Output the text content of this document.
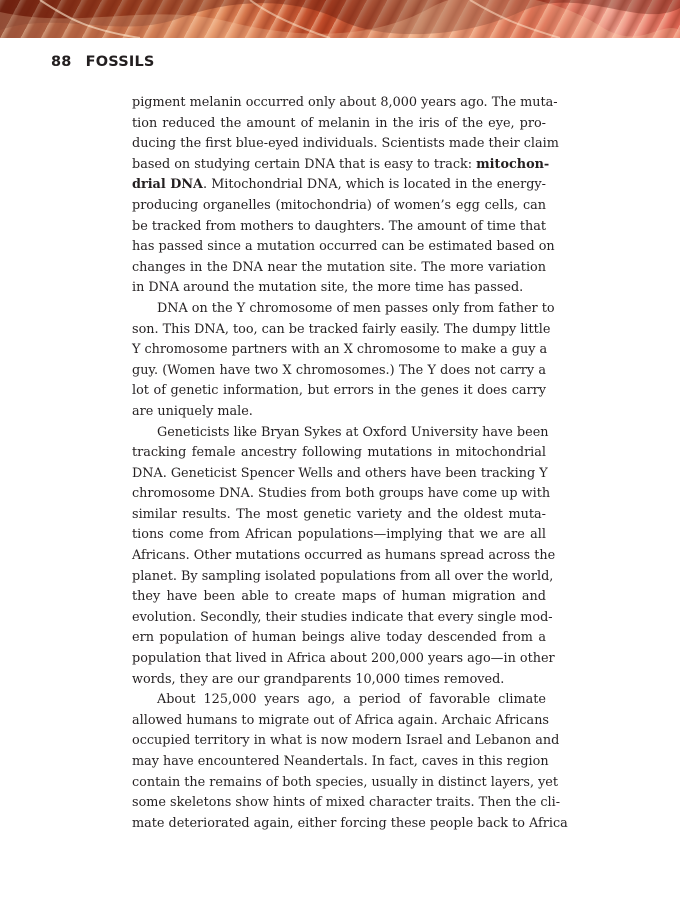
88 FOSSILS
pigment melanin occurred only about 8,000 years ago. The muta-
tion reduced the amount of melanin in the iris of the eye, pro-
ducing the first blue-eyed individuals. Scientists made their claim
based on studying certain DNA that is easy to track: mitochon-
drial DNA. Mitochondrial DNA, which is located in the energy-
producing organelles (mitochondria) of women’s egg cells, can
be tracked from mothers to daughters. The amount of time that
has passed since a mutation occurred can be estimated based on
changes in the DNA near the mutation site. The more variation
in DNA around the mutation site, the more time has passed.
DNA on the Y chromosome of men passes only from father to
son. This DNA, too, can be tracked fairly easily. The dumpy little
Y chromosome partners with an X chromosome to make a guy a
guy. (Women have two X chromosomes.) The Y does not carry a
lot of genetic information, but errors in the genes it does carry
are uniquely male.
Geneticists like Bryan Sykes at Oxford University have been
tracking female ancestry following mutations in mitochondrial
DNA. Geneticist Spencer Wells and others have been tracking Y
chromosome DNA. Studies from both groups have come up with
similar results. The most genetic variety and the oldest muta-
tions come from African populations—implying that we are all
Africans. Other mutations occurred as humans spread across the
planet. By sampling isolated populations from all over the world,
they have been able to create maps of human migration and
evolution. Secondly, their studies indicate that every single mod-
ern population of human beings alive today descended from a
population that lived in Africa about 200,000 years ago—in other
words, they are our grandparents 10,000 times removed.
About 125,000 years ago, a period of favorable climate
allowed humans to migrate out of Africa again. Archaic Africans
occupied territory in what is now modern Israel and Lebanon and
may have encountered Neandertals. In fact, caves in this region
contain the remains of both species, usually in distinct layers, yet
some skeletons show hints of mixed character traits. Then the cli-
mate deteriorated again, either forcing these people back to Africa
